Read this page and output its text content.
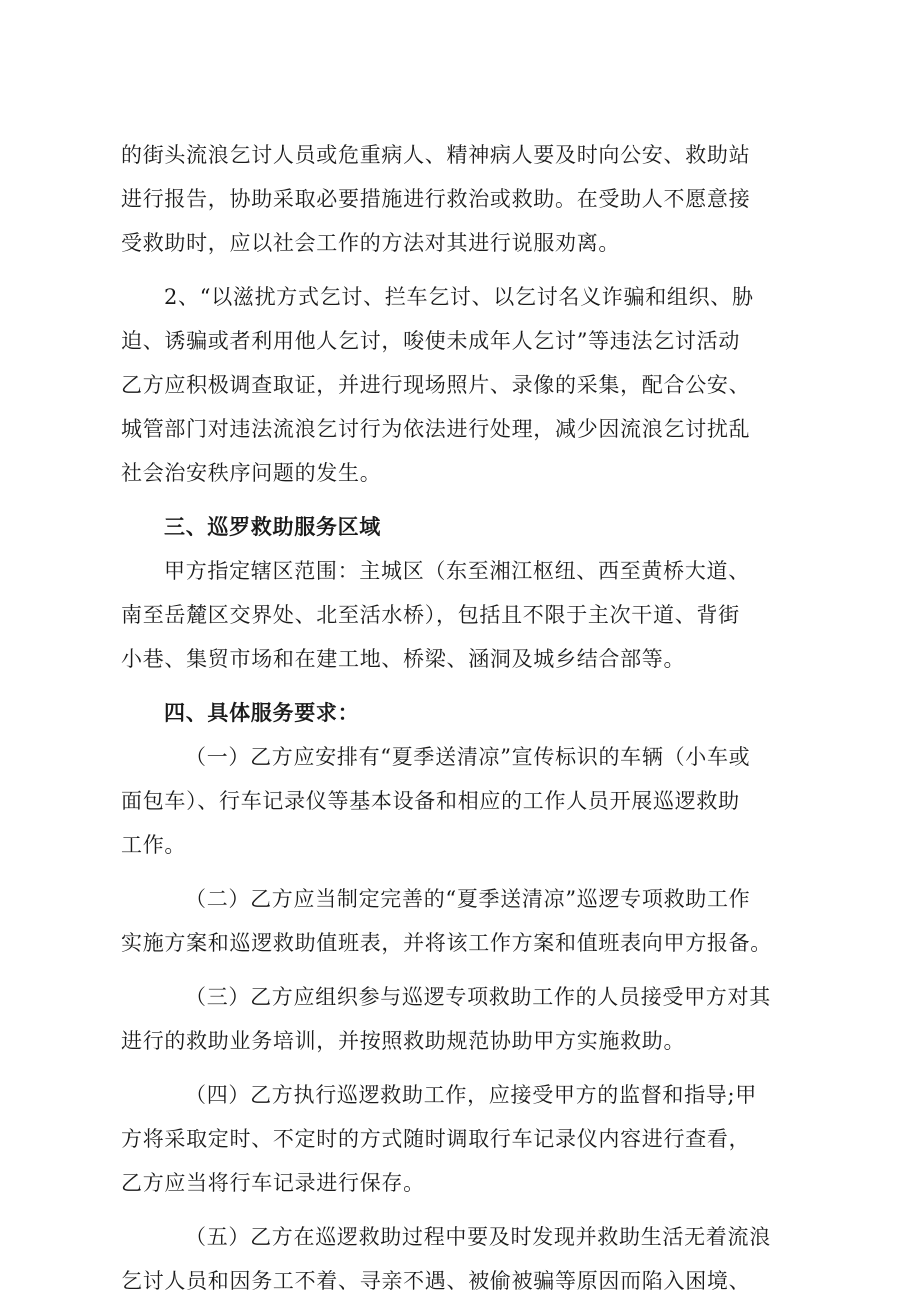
的街头流浪乞讨人员或危重病人、精神病人要及时向公安、救助站
进行报告，协助采取必要措施进行救治或救助。在受助人不愿意接
受救助时，应以社会工作的方法对其进行说服劝离。
2、“以滋扰方式乞讨、拦车乞讨、以乞讨名义诈骗和组织、胁
迫、诱骗或者利用他人乞讨，唆使未成年人乞讨”等违法乞讨活动
乙方应积极调查取证，并进行现场照片、录像的采集，配合公安、
城管部门对违法流浪乞讨行为依法进行处理，减少因流浪乞讨扰乱
社会治安秩序问题的发生。
三、巡罗救助服务区域
甲方指定辖区范围：主城区（东至湘江枢纽、西至黄桥大道、
南至岳麓区交界处、北至活水桥），包括且不限于主次干道、背街
小巷、集贸市场和在建工地、桥梁、涵洞及城乡结合部等。
四、具体服务要求：
（一）乙方应安排有“夏季送清凉”宣传标识的车辆（小车或
面包车）、行车记录仪等基本设备和相应的工作人员开展巡逻救助
工作。
（二）乙方应当制定完善的“夏季送清凉”巡逻专项救助工作
实施方案和巡逻救助值班表，并将该工作方案和值班表向甲方报备。
（三）乙方应组织参与巡逻专项救助工作的人员接受甲方对其
进行的救助业务培训，并按照救助规范协助甲方实施救助。
（四）乙方执行巡逻救助工作，应接受甲方的监督和指导;甲
方将采取定时、不定时的方式随时调取行车记录仪内容进行查看，
乙方应当将行车记录进行保存。
（五）乙方在巡逻救助过程中要及时发现并救助生活无着流浪
乞讨人员和因务工不着、寻亲不遇、被偷被骗等原因而陷入困境、
